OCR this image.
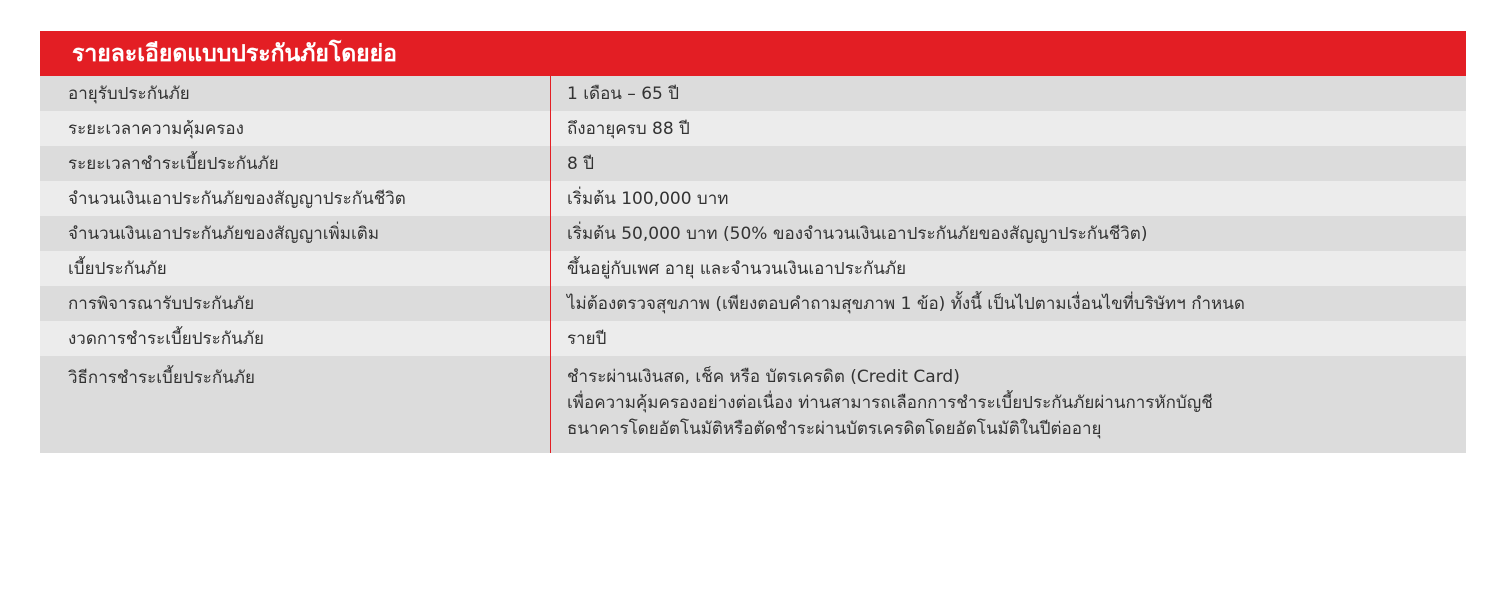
รายละเอียดแบบประกันภัยโดยย่อ
อายุรับประกันภัย	1 เดือน – 65 ปี
ระยะเวลาความคุ้มครอง	ถึงอายุครบ 88 ปี
ระยะเวลาชำระเบี้ยประกันภัย	8 ปี
จำนวนเงินเอาประกันภัยของสัญญาประกันชีวิต	เริ่มต้น 100,000 บาท
จำนวนเงินเอาประกันภัยของสัญญาเพิ่มเติม	เริ่มต้น 50,000 บาท (50% ของจำนวนเงินเอาประกันภัยของสัญญาประกันชีวิต)
เบี้ยประกันภัย	ขึ้นอยู่กับเพศ อายุ และจำนวนเงินเอาประกันภัย
การพิจารณารับประกันภัย	ไม่ต้องตรวจสุขภาพ (เพียงตอบคำถามสุขภาพ 1 ข้อ) ทั้งนี้ เป็นไปตามเงื่อนไขที่บริษัทฯ กำหนด
งวดการชำระเบี้ยประกันภัย	รายปี
วิธีการชำระเบี้ยประกันภัย	ชำระผ่านเงินสด, เช็ค หรือ บัตรเครดิต (Credit Card)
เพื่อความคุ้มครองอย่างต่อเนื่อง ท่านสามารถเลือกการชำระเบี้ยประกันภัยผ่านการหักบัญชี
ธนาคารโดยอัตโนมัติหรือตัดชำระผ่านบัตรเครดิตโดยอัตโนมัติในปีต่ออายุ
